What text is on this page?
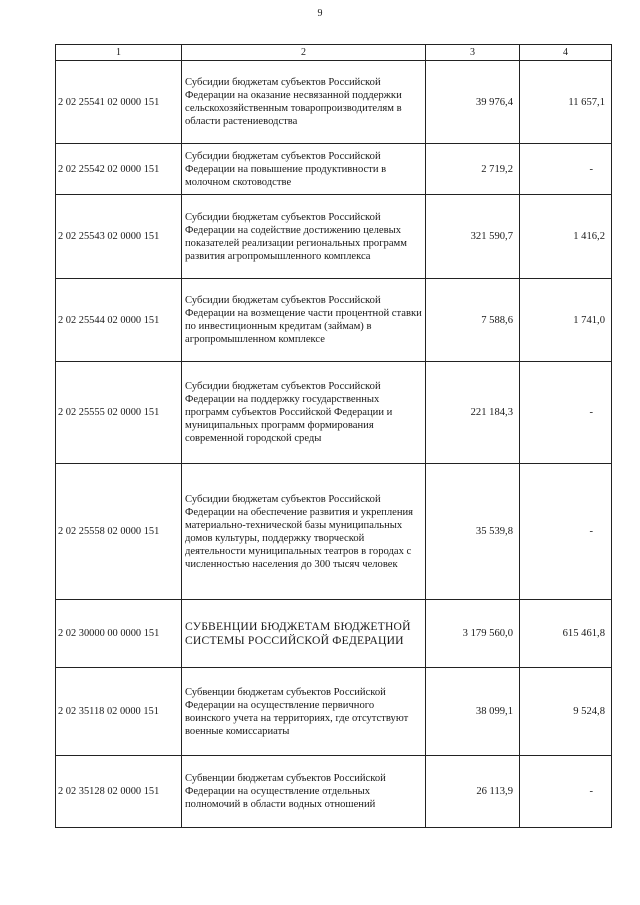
9
1	2	3	4
2 02 25541 02 0000 151	Субсидии бюджетам субъектов Российской Федерации на оказание несвязанной поддержки сельскохозяйственным товаропроизводителям в области растениеводства	39 976,4	11 657,1
2 02 25542 02 0000 151	Субсидии бюджетам субъектов Российской Федерации на повышение продуктивности в молочном скотоводстве	2 719,2	-
2 02 25543 02 0000 151	Субсидии бюджетам субъектов Российской Федерации на содействие достижению целевых показателей реализации региональных программ развития агропромышленного комплекса	321 590,7	1 416,2
2 02 25544 02 0000 151	Субсидии бюджетам субъектов Российской Федерации на возмещение части процентной ставки по инвестиционным кредитам (займам) в агропромышленном комплексе	7 588,6	1 741,0
2 02 25555 02 0000 151	Субсидии бюджетам субъектов Российской Федерации на поддержку государственных программ субъектов Российской Федерации и муниципальных программ формирования современной городской среды	221 184,3	-
2 02 25558 02 0000 151	Субсидии бюджетам субъектов Российской Федерации на обеспечение развития и укрепления материально-технической базы муниципальных домов культуры, поддержку творческой деятельности муниципальных театров в городах с численностью населения до 300 тысяч человек	35 539,8	-
2 02 30000 00 0000 151	СУБВЕНЦИИ БЮДЖЕТАМ БЮДЖЕТНОЙ СИСТЕМЫ РОССИЙСКОЙ ФЕДЕРАЦИИ	3 179 560,0	615 461,8
2 02 35118 02 0000 151	Субвенции бюджетам субъектов Российской Федерации на осуществление первичного воинского учета на территориях, где отсутствуют военные комиссариаты	38 099,1	9 524,8
2 02 35128 02 0000 151	Субвенции бюджетам субъектов Российской Федерации на осуществление отдельных полномочий в области водных отношений	26 113,9	-
